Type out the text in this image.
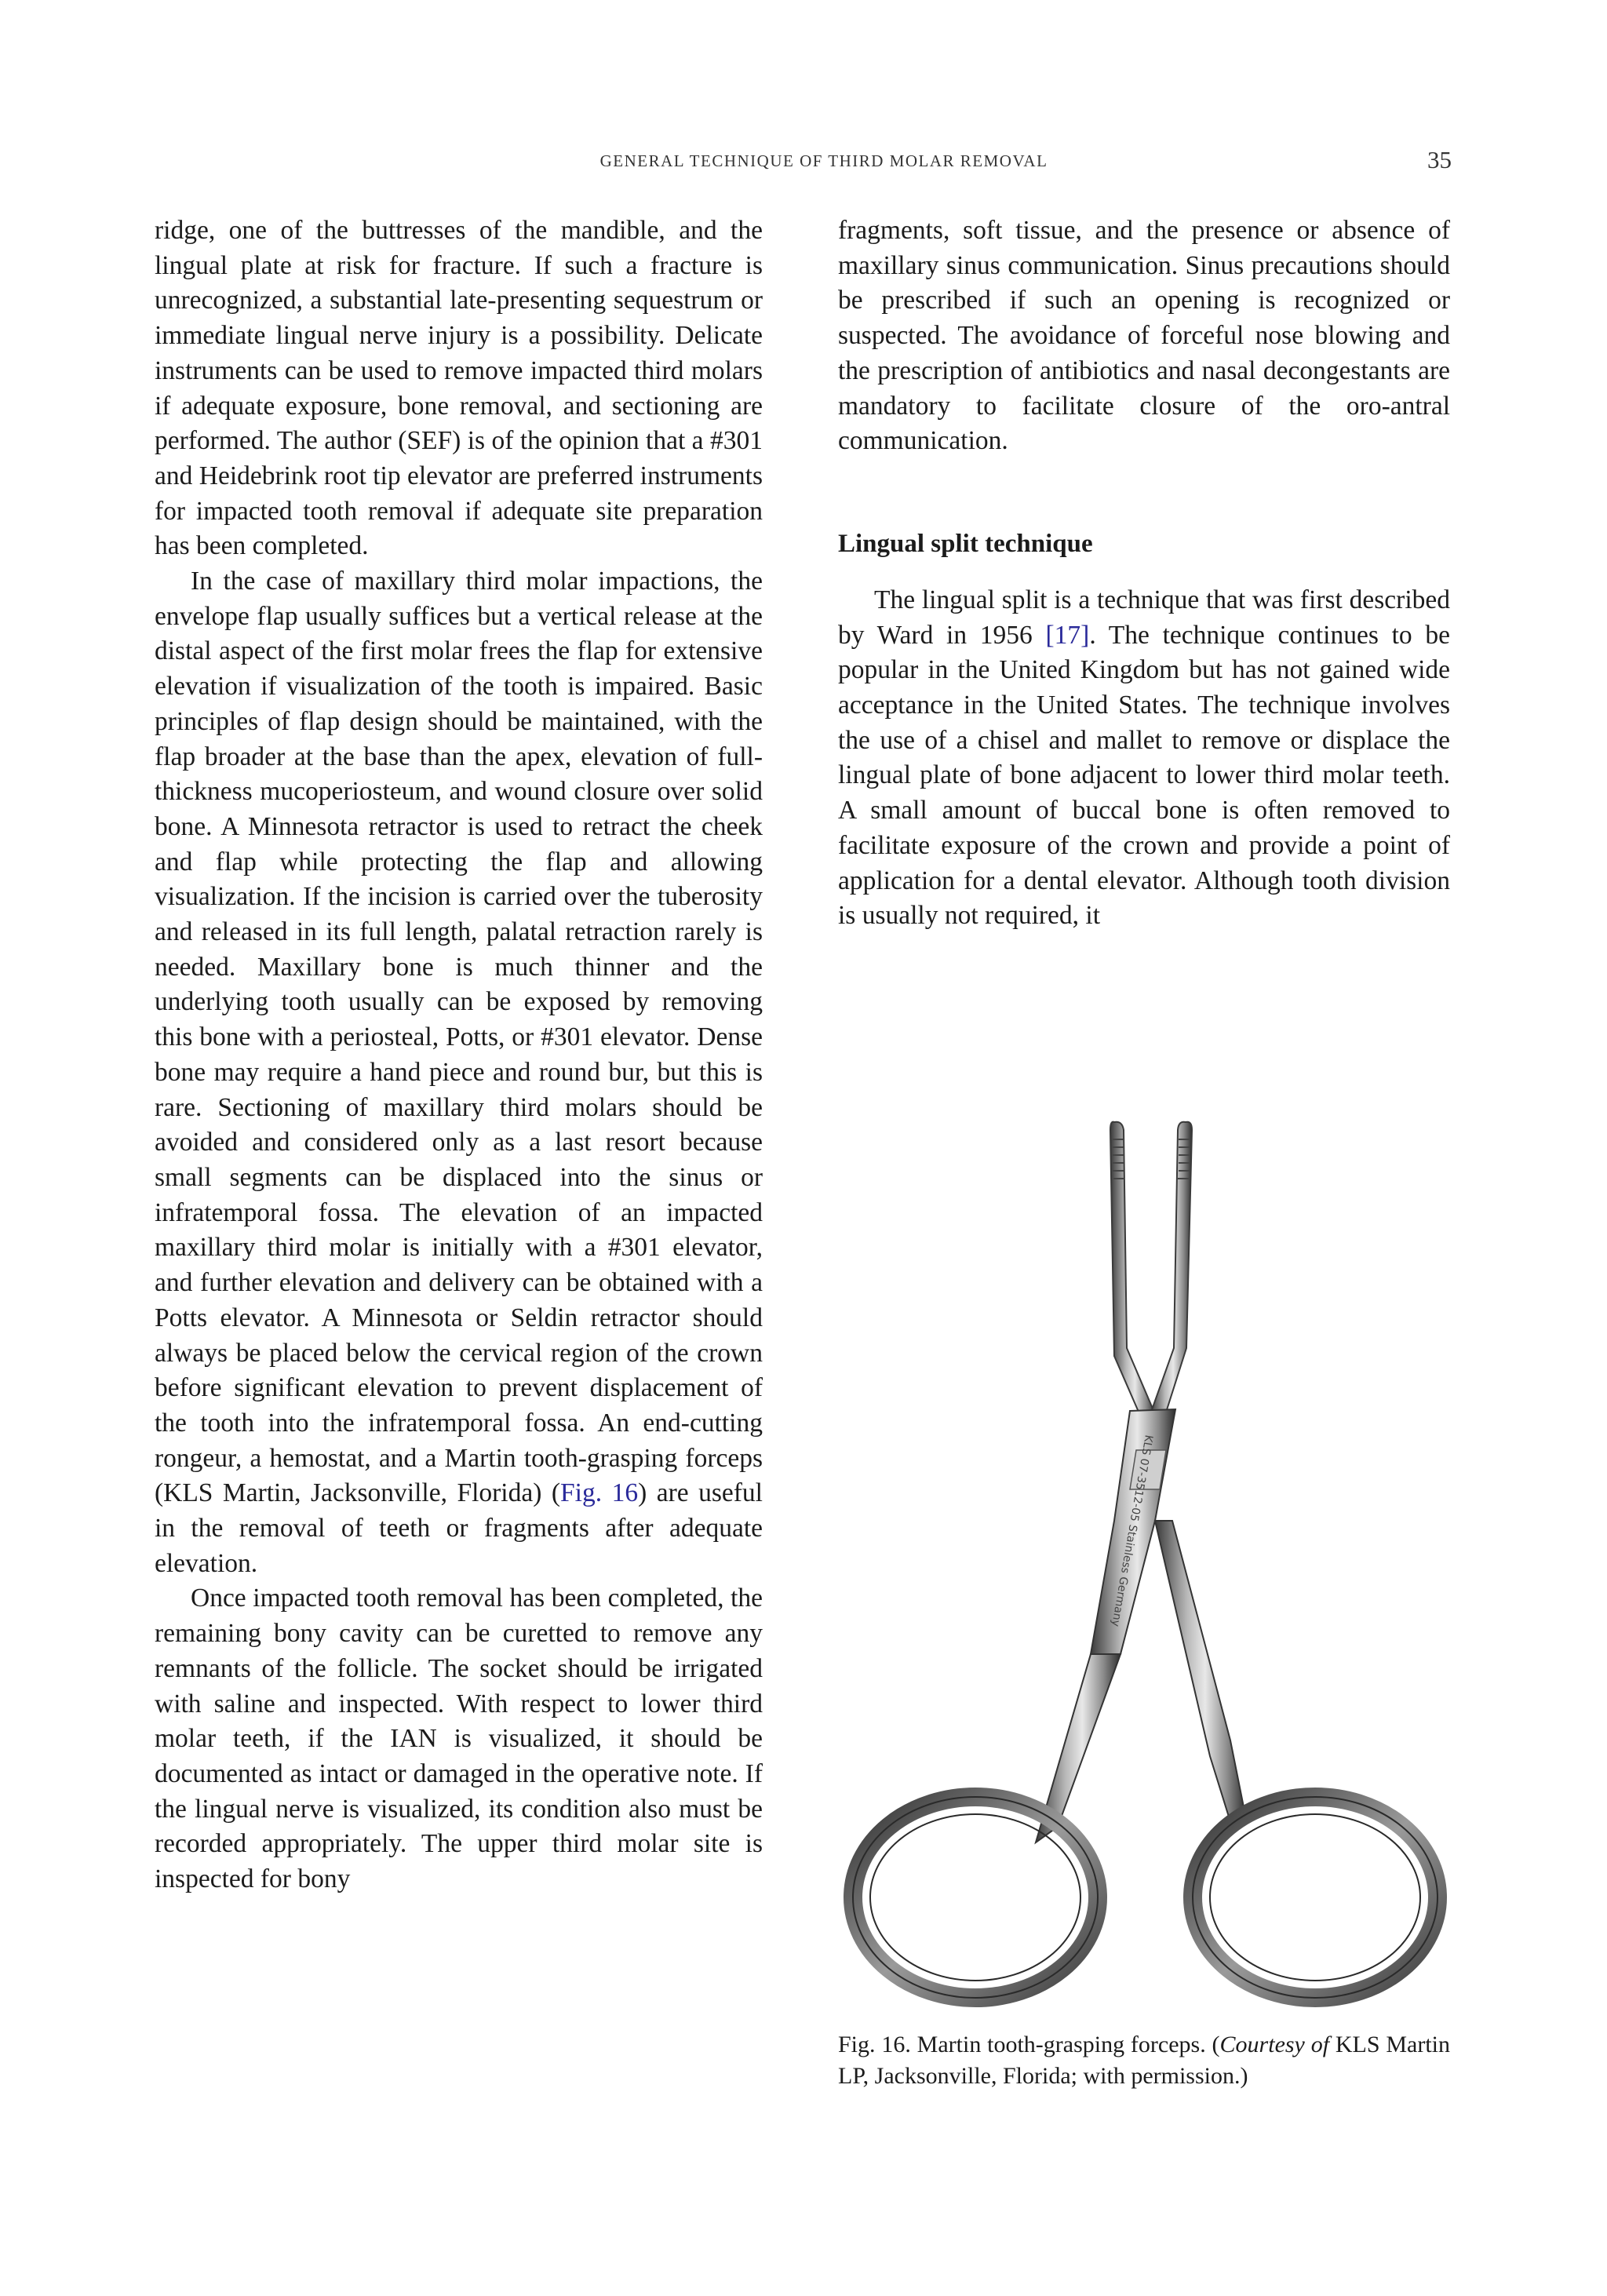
GENERAL TECHNIQUE OF THIRD MOLAR REMOVAL	35

ridge, one of the buttresses of the mandible, and the lingual plate at risk for fracture. If such a fracture is unrecognized, a substantial late-presenting sequestrum or immediate lingual nerve injury is a possibility. Delicate instruments can be used to remove impacted third molars if adequate exposure, bone removal, and sectioning are performed. The author (SEF) is of the opinion that a #301 and Heidebrink root tip elevator are preferred instruments for impacted tooth removal if adequate site preparation has been completed.

In the case of maxillary third molar impactions, the envelope flap usually suffices but a vertical release at the distal aspect of the first molar frees the flap for extensive elevation if visualization of the tooth is impaired. Basic principles of flap design should be maintained, with the flap broader at the base than the apex, elevation of full-thickness mucoperiosteum, and wound closure over solid bone. A Minnesota retractor is used to retract the cheek and flap while protecting the flap and allowing visualization. If the incision is carried over the tuberosity and released in its full length, palatal retraction rarely is needed. Maxillary bone is much thinner and the underlying tooth usually can be exposed by removing this bone with a periosteal, Potts, or #301 elevator. Dense bone may require a hand piece and round bur, but this is rare. Sectioning of maxillary third molars should be avoided and considered only as a last resort because small segments can be displaced into the sinus or infratemporal fossa. The elevation of an impacted maxillary third molar is initially with a #301 elevator, and further elevation and delivery can be obtained with a Potts elevator. A Minnesota or Seldin retractor should always be placed below the cervical region of the crown before significant elevation to prevent displacement of the tooth into the infratemporal fossa. An end-cutting rongeur, a hemostat, and a Martin tooth-grasping forceps (KLS Martin, Jacksonville, Florida) (Fig. 16) are useful in the removal of teeth or fragments after adequate elevation.

Once impacted tooth removal has been completed, the remaining bony cavity can be curetted to remove any remnants of the follicle. The socket should be irrigated with saline and inspected. With respect to lower third molar teeth, if the IAN is visualized, it should be documented as intact or damaged in the operative note. If the lingual nerve is visualized, its condition also must be recorded appropriately. The upper third molar site is inspected for bony

fragments, soft tissue, and the presence or absence of maxillary sinus communication. Sinus precautions should be prescribed if such an opening is recognized or suspected. The avoidance of forceful nose blowing and the prescription of antibiotics and nasal decongestants are mandatory to facilitate closure of the oro-antral communication.

Lingual split technique

The lingual split is a technique that was first described by Ward in 1956 [17]. The technique continues to be popular in the United Kingdom but has not gained wide acceptance in the United States. The technique involves the use of a chisel and mallet to remove or displace the lingual plate of bone adjacent to lower third molar teeth. A small amount of buccal bone is often removed to facilitate exposure of the crown and provide a point of application for a dental elevator. Although tooth division is usually not required, it

KLS 07-3512-05 Stainless Germany
Fig. 16. Martin tooth-grasping forceps. (Courtesy of KLS Martin LP, Jacksonville, Florida; with permission.)
